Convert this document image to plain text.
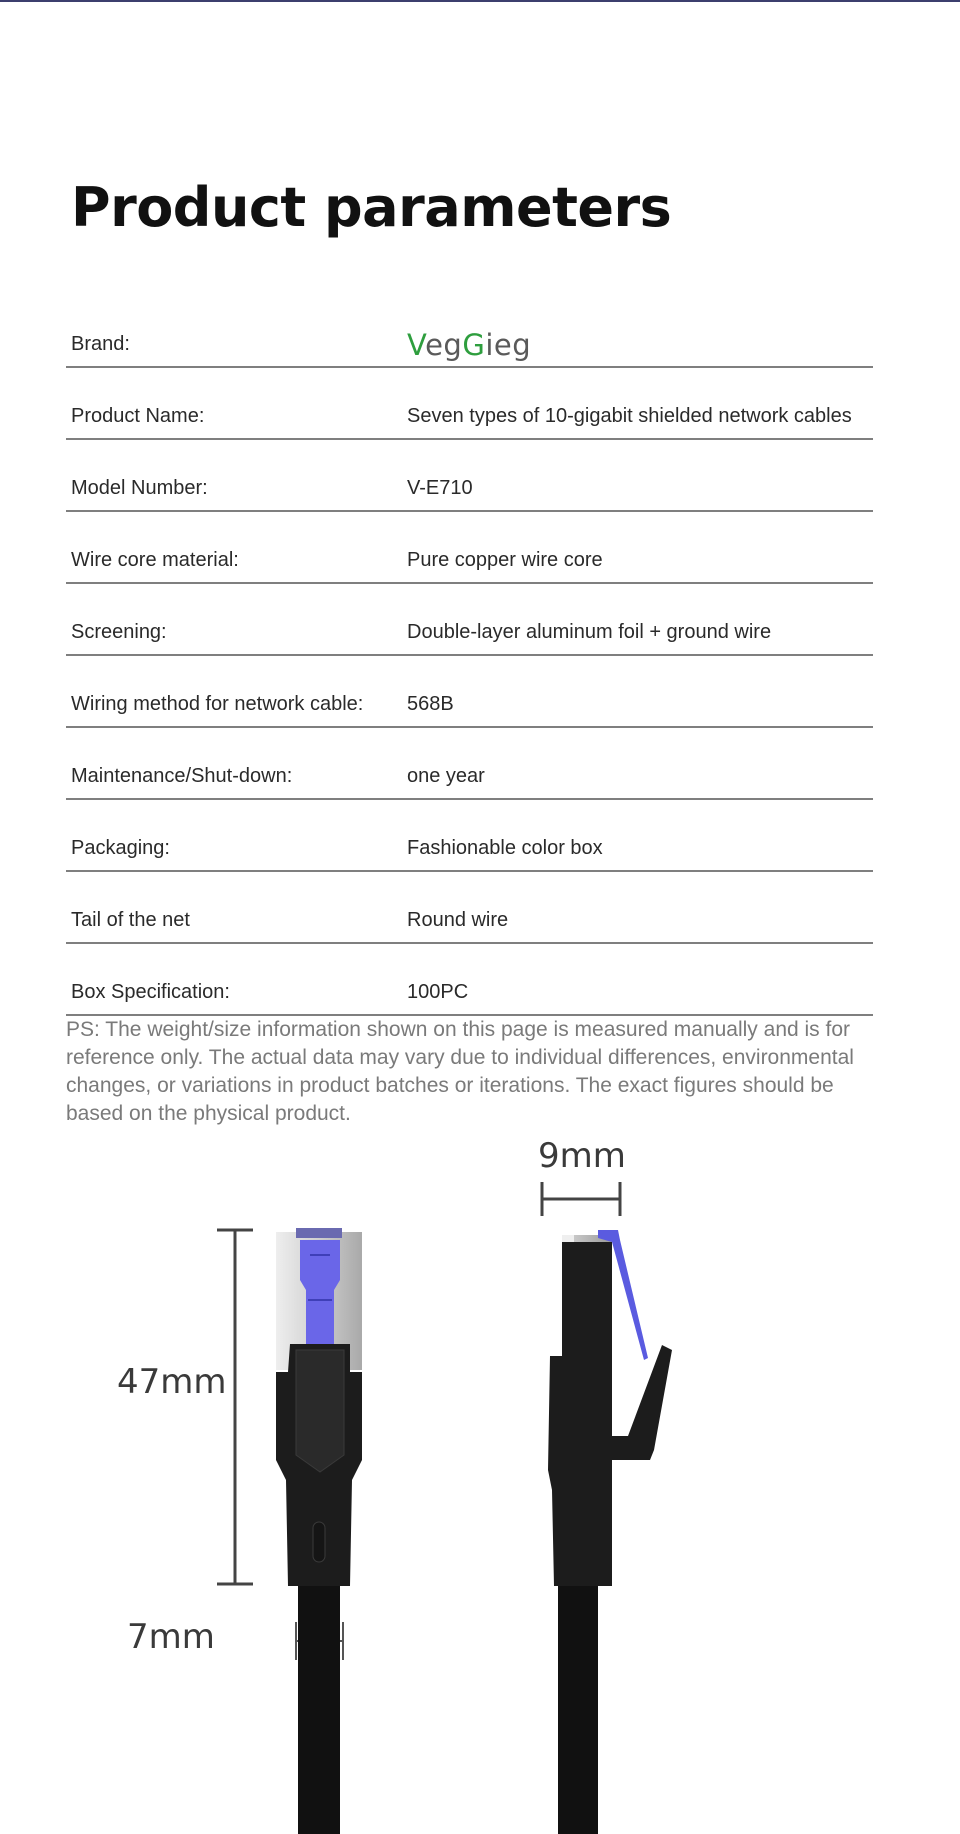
Product parameters
Brand:	VegGieg
Product Name:	Seven types of 10-gigabit shielded network cables
Model Number:	V-E710
Wire core material:	Pure copper wire core
Screening:	Double-layer aluminum foil + ground wire
Wiring method for network cable: 568B
Maintenance/Shut-down:	one year
Packaging:	Fashionable color box
Tail of the net	Round wire
Box Specification:	100PC

PS: The weight/size information shown on this page is measured manually and is for reference only. The actual data may vary due to individual differences, environmental changes, or variations in product batches or iterations. The exact figures should be based on the physical product.

9mm
47mm
7mm
